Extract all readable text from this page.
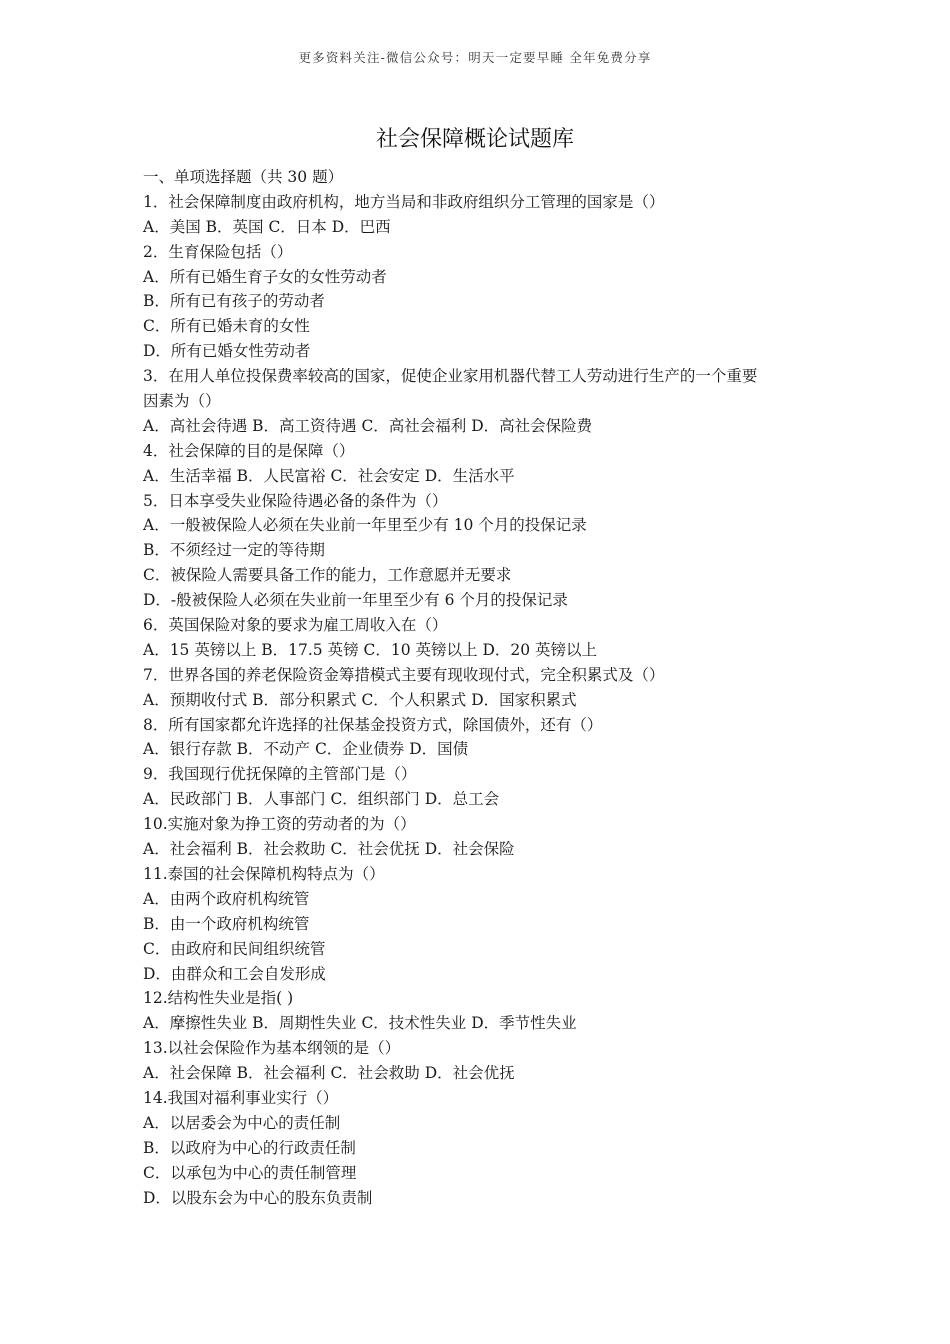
更多资料关注-微信公众号：明天一定要早睡 全年免费分享
社会保障概论试题库
一、单项选择题（共 30 题）
1．社会保障制度由政府机构，地方当局和非政府组织分工管理的国家是（）
A．美国 B．英国 C．日本 D．巴西
2．生育保险包括（）
A．所有已婚生育子女的女性劳动者
B．所有已有孩子的劳动者
C．所有已婚未育的女性
D．所有已婚女性劳动者
3．在用人单位投保费率较高的国家，促使企业家用机器代替工人劳动进行生产的一个重要
因素为（）
A．高社会待遇 B．高工资待遇 C．高社会福利 D．高社会保险费
4．社会保障的目的是保障（）
A．生活幸福 B．人民富裕 C．社会安定 D．生活水平
5．日本享受失业保险待遇必备的条件为（）
A．一般被保险人必须在失业前一年里至少有 10 个月的投保记录
B．不须经过一定的等待期
C．被保险人需要具备工作的能力，工作意愿并无要求
D．-般被保险人必须在失业前一年里至少有 6 个月的投保记录
6．英国保险对象的要求为雇工周收入在（）
A．15 英镑以上 B．17.5 英镑 C．10 英镑以上 D．20 英镑以上
7．世界各国的养老保险资金筹措模式主要有现收现付式，完全积累式及（）
A．预期收付式 B．部分积累式 C．个人积累式 D．国家积累式
8．所有国家都允许选择的社保基金投资方式，除国债外，还有（）
A．银行存款 B．不动产 C．企业债券 D．国债
9．我国现行优抚保障的主管部门是（）
A．民政部门 B．人事部门 C．组织部门 D．总工会
10.实施对象为挣工资的劳动者的为（）
A．社会福利 B．社会救助 C．社会优抚 D．社会保险
11.泰国的社会保障机构特点为（）
A．由两个政府机构统管
B．由一个政府机构统管
C．由政府和民间组织统管
D．由群众和工会自发形成
12.结构性失业是指( )
A．摩擦性失业 B．周期性失业 C．技术性失业 D．季节性失业
13.以社会保险作为基本纲领的是（）
A．社会保障 B．社会福利 C．社会救助 D．社会优抚
14.我国对福利事业实行（）
A．以居委会为中心的责任制
B．以政府为中心的行政责任制
C．以承包为中心的责任制管理
D．以股东会为中心的股东负责制
